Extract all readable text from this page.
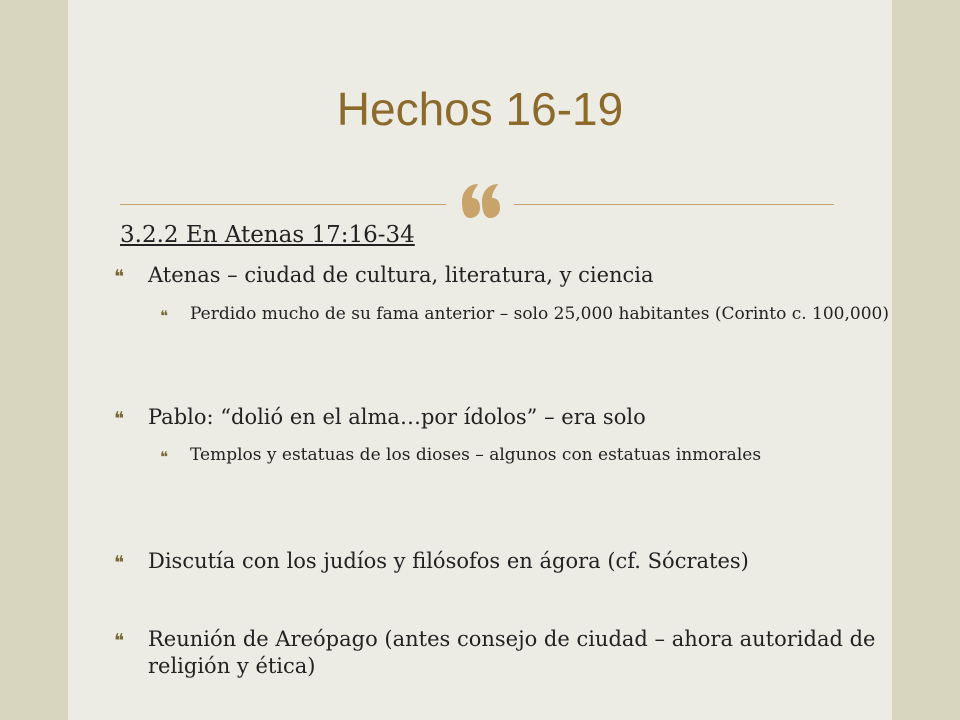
Hechos 16-19
3.2.2 En Atenas 17:16-34
❝ Atenas – ciudad de cultura, literatura, y ciencia
❝ Perdido mucho de su fama anterior – solo 25,000 habitantes (Corinto c. 100,000)
❝ Pablo: “dolió en el alma…por ídolos” – era solo
❝ Templos y estatuas de los dioses – algunos con estatuas inmorales
❝ Discutía con los judíos y filósofos en ágora (cf. Sócrates)
❝ Reunión de Areópago (antes consejo de ciudad – ahora autoridad de religión y ética)
